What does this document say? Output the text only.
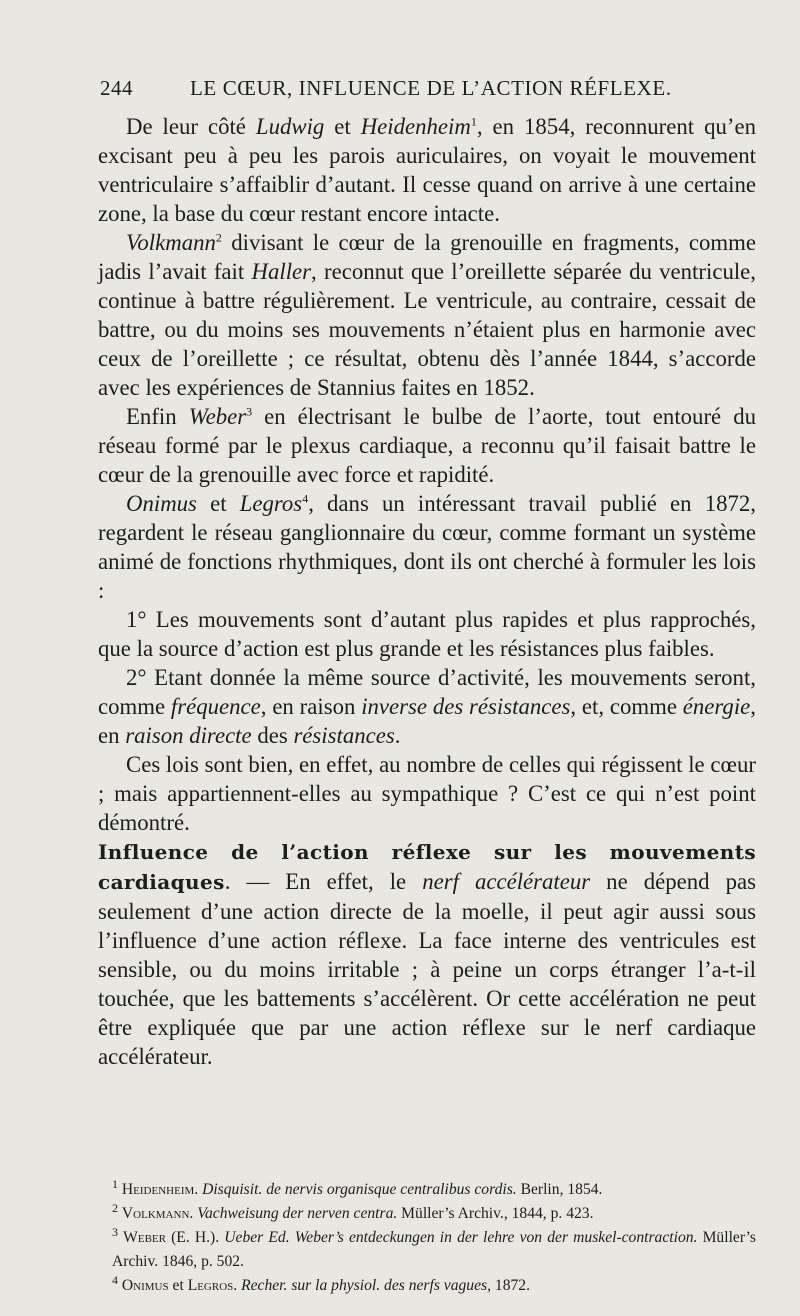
244	LE CŒUR, INFLUENCE DE L’ACTION RÉFLEXE.

De leur côté Ludwig et Heidenheim$^1$, en 1854, reconnurent qu’en excisant peu à peu les parois auriculaires, on voyait le mouvement ventriculaire s’affaiblir d’autant. Il cesse quand on arrive à une certaine zone, la base du cœur restant encore intacte.

Volkmann$^2$ divisant le cœur de la grenouille en fragments, comme jadis l’avait fait Haller, reconnut que l’oreillette séparée du ventricule, continue à battre régulièrement. Le ventricule, au contraire, cessait de battre, ou du moins ses mouvements n’étaient plus en harmonie avec ceux de l’oreillette ; ce résultat, obtenu dès l’année 1844, s’accorde avec les expériences de Stannius faites en 1852.

Enfin Weber$^3$ en électrisant le bulbe de l’aorte, tout entouré du réseau formé par le plexus cardiaque, a reconnu qu’il faisait battre le cœur de la grenouille avec force et rapidité.

Onimus et Legros$^4$, dans un intéressant travail publié en 1872, regardent le réseau ganglionnaire du cœur, comme formant un système animé de fonctions rhythmiques, dont ils ont cherché à formuler les lois :

1° Les mouvements sont d’autant plus rapides et plus rapprochés, que la source d’action est plus grande et les résistances plus faibles.

2° Etant donnée la même source d’activité, les mouvements seront, comme fréquence, en raison inverse des résistances, et, comme énergie, en raison directe des résistances.

Ces lois sont bien, en effet, au nombre de celles qui régissent le cœur ; mais appartiennent-elles au sympathique ? C’est ce qui n’est point démontré.

Influence de l’action réflexe sur les mouvements cardiaques. — En effet, le nerf accélérateur ne dépend pas seulement d’une action directe de la moelle, il peut agir aussi sous l’influence d’une action réflexe. La face interne des ventricules est sensible, ou du moins irritable ; à peine un corps étranger l’a-t-il touchée, que les battements s’accélèrent. Or cette accélération ne peut être expliquée que par une action réflexe sur le nerf cardiaque accélérateur.

$^1$ Heidenheim. Disquisit. de nervis organisque centralibus cordis. Berlin, 1854.

$^2$ Volkmann. Vachweisung der nerven centra. Müller’s Archiv., 1844, p. 423.

$^3$ Weber (E. H.). Ueber Ed. Weber’s entdeckungen in der lehre von der muskel-contraction. Müller’s Archiv. 1846, p. 502.

$^4$ Onimus et Legros. Recher. sur la physiol. des nerfs vagues, 1872.
